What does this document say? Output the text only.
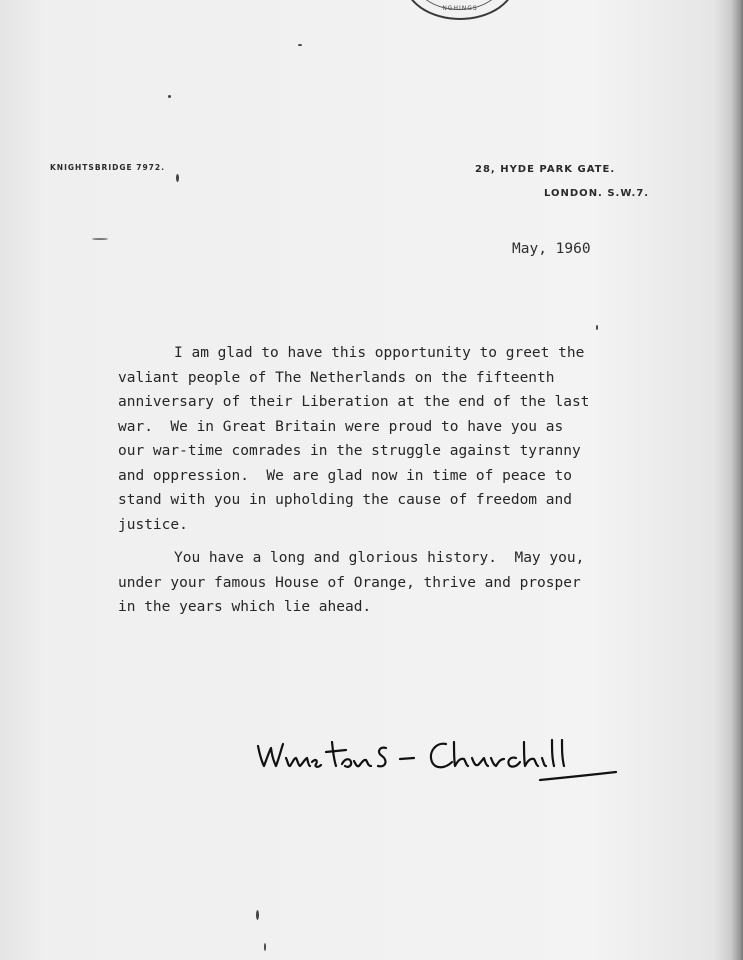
NGHINGS
KNIGHTSBRIDGE 7972.	28, HYDE PARK GATE.
LONDON. S.W.7.
May, 1960
I am glad to have this opportunity to greet the
valiant people of The Netherlands on the fifteenth
anniversary of their Liberation at the end of the last
war.  We in Great Britain were proud to have you as
our war-time comrades in the struggle against tyranny
and oppression.  We are glad now in time of peace to
stand with you in upholding the cause of freedom and
justice.
You have a long and glorious history.  May you,
under your famous House of Orange, thrive and prosper
in the years which lie ahead.
